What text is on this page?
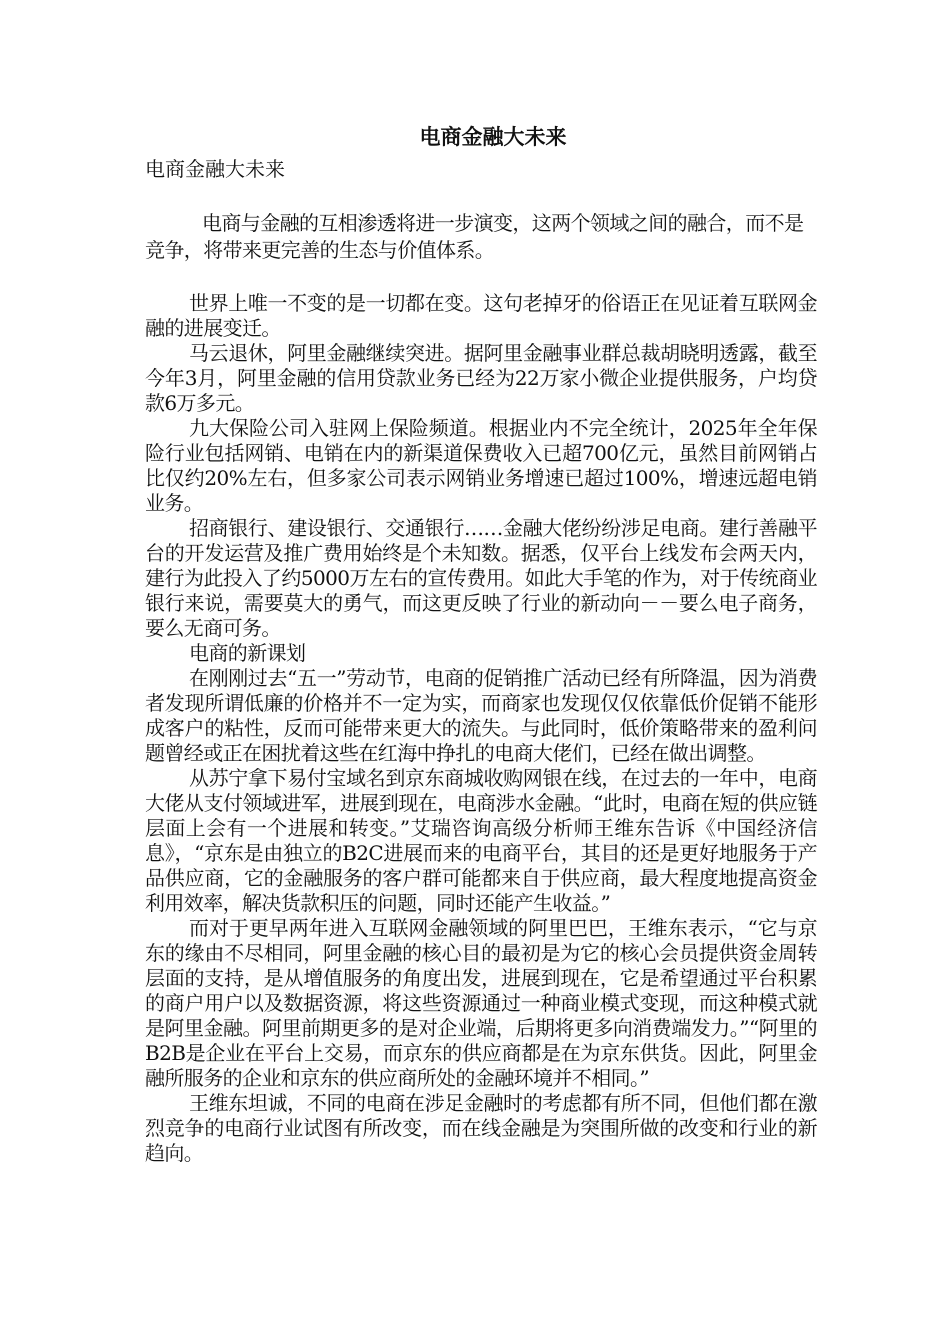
电商金融大未来
电商金融大未来

电商与金融的互相渗透将进一步演变，这两个领域之间的融合，而不是竞争，将带来更完善的生态与价值体系。

世界上唯一不变的是一切都在变。这句老掉牙的俗语正在见证着互联网金融的进展变迁。

马云退休，阿里金融继续突进。据阿里金融事业群总裁胡晓明透露，截至今年3月，阿里金融的信用贷款业务已经为22万家小微企业提供服务，户均贷款6万多元。

九大保险公司入驻网上保险频道。根据业内不完全统计，2025年全年保险行业包括网销、电销在内的新渠道保费收入已超700亿元，虽然目前网销占比仅约20%左右，但多家公司表示网销业务增速已超过100%，增速远超电销业务。

招商银行、建设银行、交通银行……金融大佬纷纷涉足电商。建行善融平台的开发运营及推广费用始终是个未知数。据悉，仅平台上线发布会两天内，建行为此投入了约5000万左右的宣传费用。如此大手笔的作为，对于传统商业银行来说，需要莫大的勇气，而这更反映了行业的新动向－－要么电子商务，要么无商可务。

电商的新课划

在刚刚过去“五一”劳动节，电商的促销推广活动已经有所降温，因为消费者发现所谓低廉的价格并不一定为实，而商家也发现仅仅依靠低价促销不能形成客户的粘性，反而可能带来更大的流失。与此同时，低价策略带来的盈利问题曾经或正在困扰着这些在红海中挣扎的电商大佬们，已经在做出调整。

从苏宁拿下易付宝域名到京东商城收购网银在线，在过去的一年中，电商大佬从支付领域进军，进展到现在，电商涉水金融。“此时，电商在短的供应链层面上会有一个进展和转变。”艾瑞咨询高级分析师王维东告诉《中国经济信息》，“京东是由独立的B2C进展而来的电商平台，其目的还是更好地服务于产品供应商，它的金融服务的客户群可能都来自于供应商，最大程度地提高资金利用效率，解决货款积压的问题，同时还能产生收益。”

而对于更早两年进入互联网金融领域的阿里巴巴，王维东表示，“它与京东的缘由不尽相同，阿里金融的核心目的最初是为它的核心会员提供资金周转层面的支持，是从增值服务的角度出发，进展到现在，它是希望通过平台积累的商户用户以及数据资源，将这些资源通过一种商业模式变现，而这种模式就是阿里金融。阿里前期更多的是对企业端，后期将更多向消费端发力。”“阿里的B2B是企业在平台上交易，而京东的供应商都是在为京东供货。因此，阿里金融所服务的企业和京东的供应商所处的金融环境并不相同。”

王维东坦诚，不同的电商在涉足金融时的考虑都有所不同，但他们都在激烈竞争的电商行业试图有所改变，而在线金融是为突围所做的改变和行业的新趋向。
